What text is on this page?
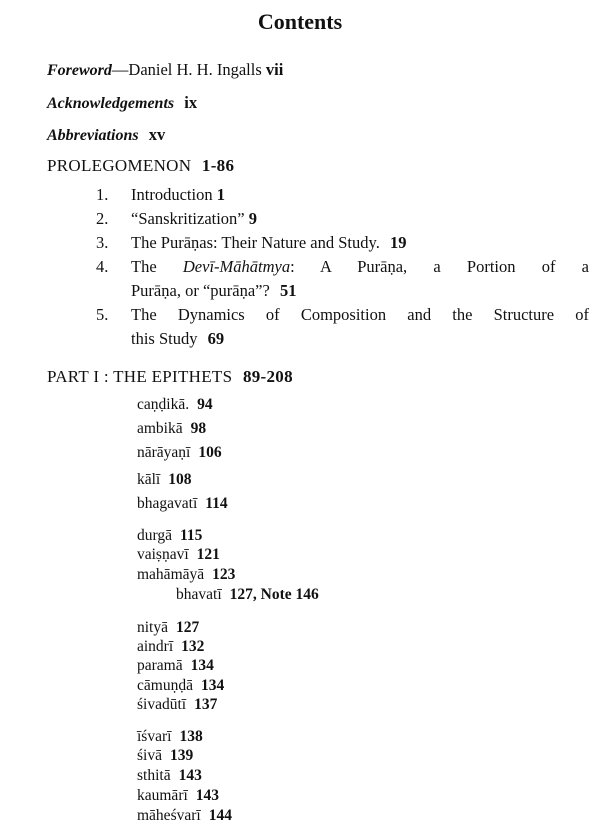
Contents
Foreword—Daniel H. H. Ingalls vii
Acknowledgements ix
Abbreviations xv
PROLEGOMENON 1-86
1. Introduction 1
2. “Sanskritization” 9
3. The Purāṇas: Their Nature and Study. 19
4. The Devī-Māhātmya: A Purāṇa, a Portion of a
Purāṇa, or “purāṇa”? 51
5. The Dynamics of Composition and the Structure of
this Study 69
PART I : THE EPITHETS 89-208
caṇḍikā. 94
ambikā 98
nārāyaṇī 106
kālī 108
bhagavatī 114
durgā 115
vaiṣṇavī 121
mahāmāyā 123
bhavatī 127, Note 146
nityā 127
aindrī 132
paramā 134
cāmuṇḍā 134
śivadūtī 137
īśvarī 138
śivā 139
sthitā 143
kaumārī 143
māheśvarī 144
